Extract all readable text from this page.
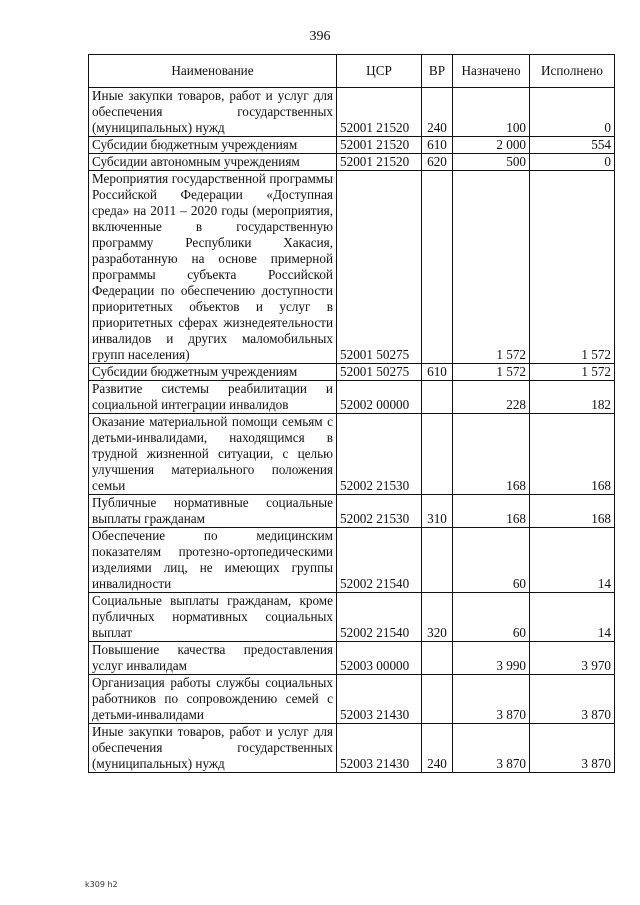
396
Наименование	ЦСР	ВР	Назначено	Исполнено
Иные закупки товаров, работ и услуг для обеспечения государственных (муниципальных) нужд	52001 21520	240	100	0
Субсидии бюджетным учреждениям	52001 21520	610	2 000	554
Субсидии автономным учреждениям	52001 21520	620	500	0
Мероприятия государственной программы Российской Федерации «Доступная среда» на 2011 – 2020 годы (мероприятия, включенные в государственную программу Республики Хакасия, разработанную на основе примерной программы субъекта Российской Федерации по обеспечению доступности приоритетных объектов и услуг в приоритетных сферах жизнедеятельности инвалидов и других маломобильных групп населения)	52001 50275		1 572	1 572
Субсидии бюджетным учреждениям	52001 50275	610	1 572	1 572
Развитие системы реабилитации и социальной интеграции инвалидов	52002 00000		228	182
Оказание материальной помощи семьям с детьми-инвалидами, находящимся в трудной жизненной ситуации, с целью улучшения материального положения семьи	52002 21530		168	168
Публичные нормативные социальные выплаты гражданам	52002 21530	310	168	168
Обеспечение по медицинским показателям протезно-ортопедическими изделиями лиц, не имеющих группы инвалидности	52002 21540		60	14
Социальные выплаты гражданам, кроме публичных нормативных социальных выплат	52002 21540	320	60	14
Повышение качества предоставления услуг инвалидам	52003 00000		3 990	3 970
Организация работы службы социальных работников по сопровождению семей с детьми-инвалидами	52003 21430		3 870	3 870
Иные закупки товаров, работ и услуг для обеспечения государственных (муниципальных) нужд	52003 21430	240	3 870	3 870
k309 h2
